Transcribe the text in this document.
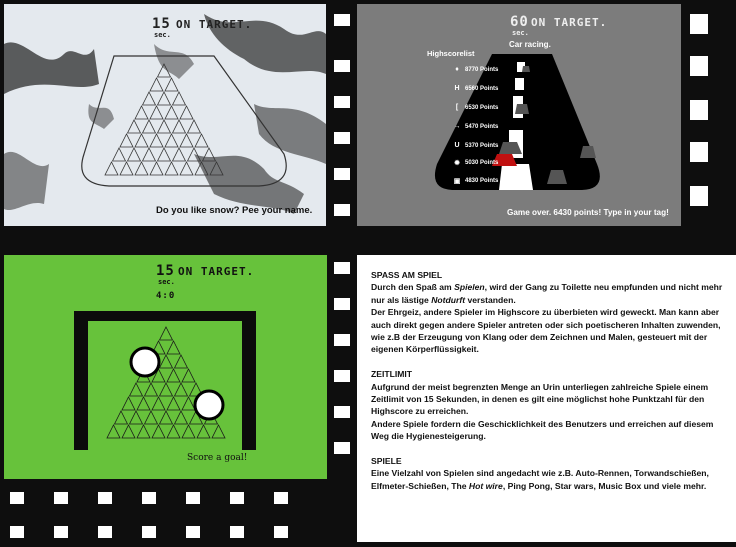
15
sec.
ON TARGET.
Do you like snow? Pee your name.
60
sec.
ON TARGET.
Car racing.
Highscorelist
♦	8770 Points
H 6560 Points
[	6530 Points
→ 5470 Points
U 5370 Points
✹ 5030 Points
▣ 4830 Points
Game over. 6430 points! Type in your tag!
15
sec.
ON TARGET.
4:0
Score a goal!
SPASS AM SPIEL

Durch den Spaß am Spielen, wird der Gang zu Toilette neu empfunden und nicht mehr nur als lästige Notdurft verstanden.

Der Ehrgeiz, andere Spieler im Highscore zu überbieten wird geweckt. Man kann aber auch direkt gegen andere Spieler antreten oder sich poetischeren Inhalten zuwenden, wie z.B der Erzeugung von Klang oder dem Zeichnen und Malen, gesteuert mit der eigenen Körperflüssigkeit.

ZEITLIMIT

Aufgrund der meist begrenzten Menge an Urin unterliegen zahlreiche Spiele einem Zeitlimit von 15 Sekunden, in denen es gilt eine möglichst hohe Punktzahl für den Highscore zu erreichen.

Andere Spiele fordern die Geschicklichkeit des Benutzers und erreichen auf diesem Weg die Hygienesteigerung.

SPIELE

Eine Vielzahl von Spielen sind angedacht wie z.B. Auto-Rennen, Torwandschießen, Elfmeter-Schießen, The Hot wire, Ping Pong, Star wars, Music Box und viele mehr.
